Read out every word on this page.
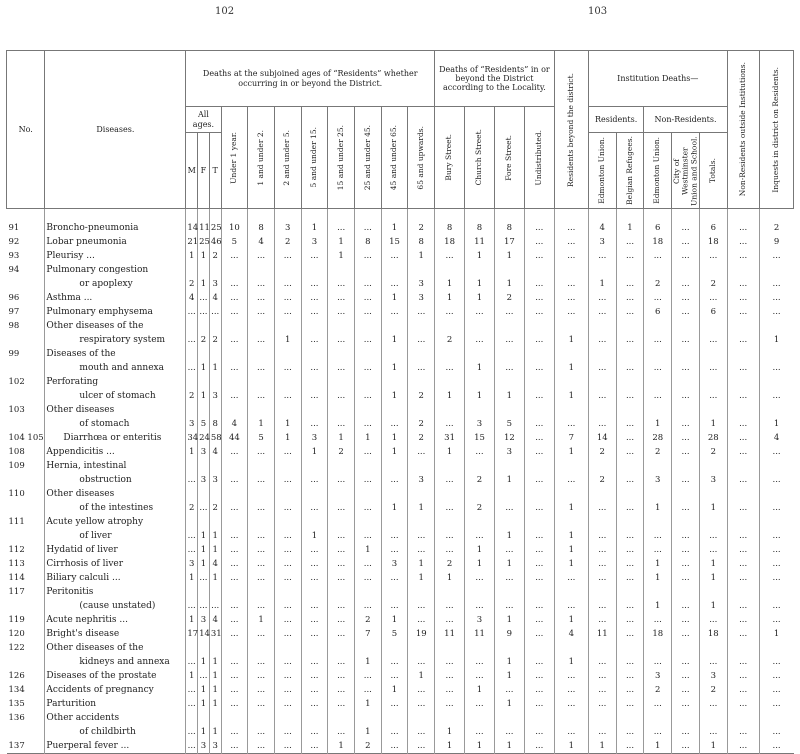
102	103
No.	Diseases.	Deaths at the subjoined ages of “Residents” whether occurring in or beyond the District.											Deaths of “Residents” in or beyond the District according to the Locality.				Residents beyond the district.	Institution Deaths—					Non-Residents outside Institutions.	Inquests in district on Residents.

		All ages.			Under 1 year.	1 and under 2.	2 and under 5.	5 and under 15.	15 and under 25.	25 and under 45.	45 and under 65.	65 and upwards.	Bury Street.	Church Street.	Fore Street.	Undistributed.		Residents.		Non-Residents.				
		M	F	T														Edmonton Union.	Belgian Refugees.	Edmonton Union.	City of Westminster Union and School.	Totals.		

91	Broncho-pneumonia	14	11	25	10	8	3	1	...	...	1	2	8	8	8	...	...	4	1	6	...	6	...	2
92	Lobar pneumonia	21	25	46	5	4	2	3	1	8	15	8	18	11	17	...	...	3	...	18	...	18	...	9
93	Pleurisy ...	1	1	2	...	...	...	...	1	...	...	1	...	1	1	...	...	...	...	...	...	...	...	...
94	Pulmonary congestion																							
	or apoplexy	2	1	3	...	...	...	...	...	...	...	3	1	1	1	...	...	1	...	2	...	2	...	...
96	Asthma ...	4	...	4	...	...	...	...	...	...	1	3	1	1	2	...	...	...	...	...	...	...	...	...
97	Pulmonary emphysema	...	...	...	...	...	...	...	...	...	...	...	...	...	...	...	...	...	...	6	...	6	...	...
98	Other diseases of the																							
	respiratory system	...	2	2	...	...	1	...	...	...	1	...	2	...	...	...	1	...	...	...	...	...	...	1
99	Diseases of the																							
	mouth and annexa	...	1	1	...	...	...	...	...	...	1	...	...	1	...	...	1	...	...	...	...	...	...	...
102	Perforating																							
	ulcer of stomach	2	1	3	...	...	...	...	...	...	1	2	1	1	1	...	1	...	...	...	...	...	...	...
103	Other diseases																							
	of stomach	3	5	8	4	1	1	...	...	...	...	2	...	3	5	...	...	...	...	1	...	1	...	1
104 105	Diarrhœa or enteritis	34	24	58	44	5	1	3	1	1	1	2	31	15	12	...	7	14	...	28	...	28	...	4
108	Appendicitis ...	1	3	4	...	...	...	1	2	...	1	...	1	...	3	...	1	2	...	2	...	2	...	...
109	Hernia, intestinal																							
	obstruction	...	3	3	...	...	...	...	...	...	...	3	...	2	1	...	...	2	...	3	...	3	...	...
110	Other diseases																							
	of the intestines	2	...	2	...	...	...	...	...	...	1	1	...	2	...	...	1	...	...	1	...	1	...	...
111	Acute yellow atrophy																							
	of liver	...	1	1	...	...	...	1	...	...	...	...	...	...	1	...	1	...	...	...	...	...	...	...
112	Hydatid of liver	...	1	1	...	...	...	...	...	1	...	...	...	1	...	...	1	...	...	...	...	...	...	...
113	Cirrhosis of liver	3	1	4	...	...	...	...	...	...	3	1	2	1	1	...	1	...	...	1	...	1	...	...
114	Biliary calculi ...	1	...	1	...	...	...	...	...	...	...	1	1	...	...	...	...	...	...	1	...	1	...	...
117	Peritonitis																							
	(cause unstated)	...	...	...	...	...	...	...	...	...	...	...	...	...	...	...	...	...	...	1	...	1	...	...
119	Acute nephritis ...	1	3	4	...	1	...	...	...	2	1	...	...	3	1	...	1	...	...	...	...	...	...	...
120	Bright's disease	17	14	31	...	...	...	...	...	7	5	19	11	11	9	...	4	11	...	18	...	18	...	1
122	Other diseases of the																							
	kidneys and annexa	...	1	1	...	...	...	...	...	1	...	...	...	...	1	...	1	...	...	...	...	...	...	...
126	Diseases of the prostate	1	...	1	...	...	...	...	...	...	...	1	...	...	1	...	...	...	...	3	...	3	...	...
134	Accidents of pregnancy	...	1	1	...	...	...	...	...	...	1	...	...	1	...	...	...	...	...	2	...	2	...	...
135	Parturition	...	1	1	...	...	...	...	...	1	...	...	...	...	1	...	...	...	...	...	...	...	...	...
136	Other accidents																							
	of childbirth	...	1	1	...	...	...	...	...	1	...	...	1	...	...	...	...	...	...	...	...	...	...	...
137	Puerperal fever ...	...	3	3	...	...	...	...	1	2	...	...	1	1	1	...	1	1	...	1	...	1	...	...
